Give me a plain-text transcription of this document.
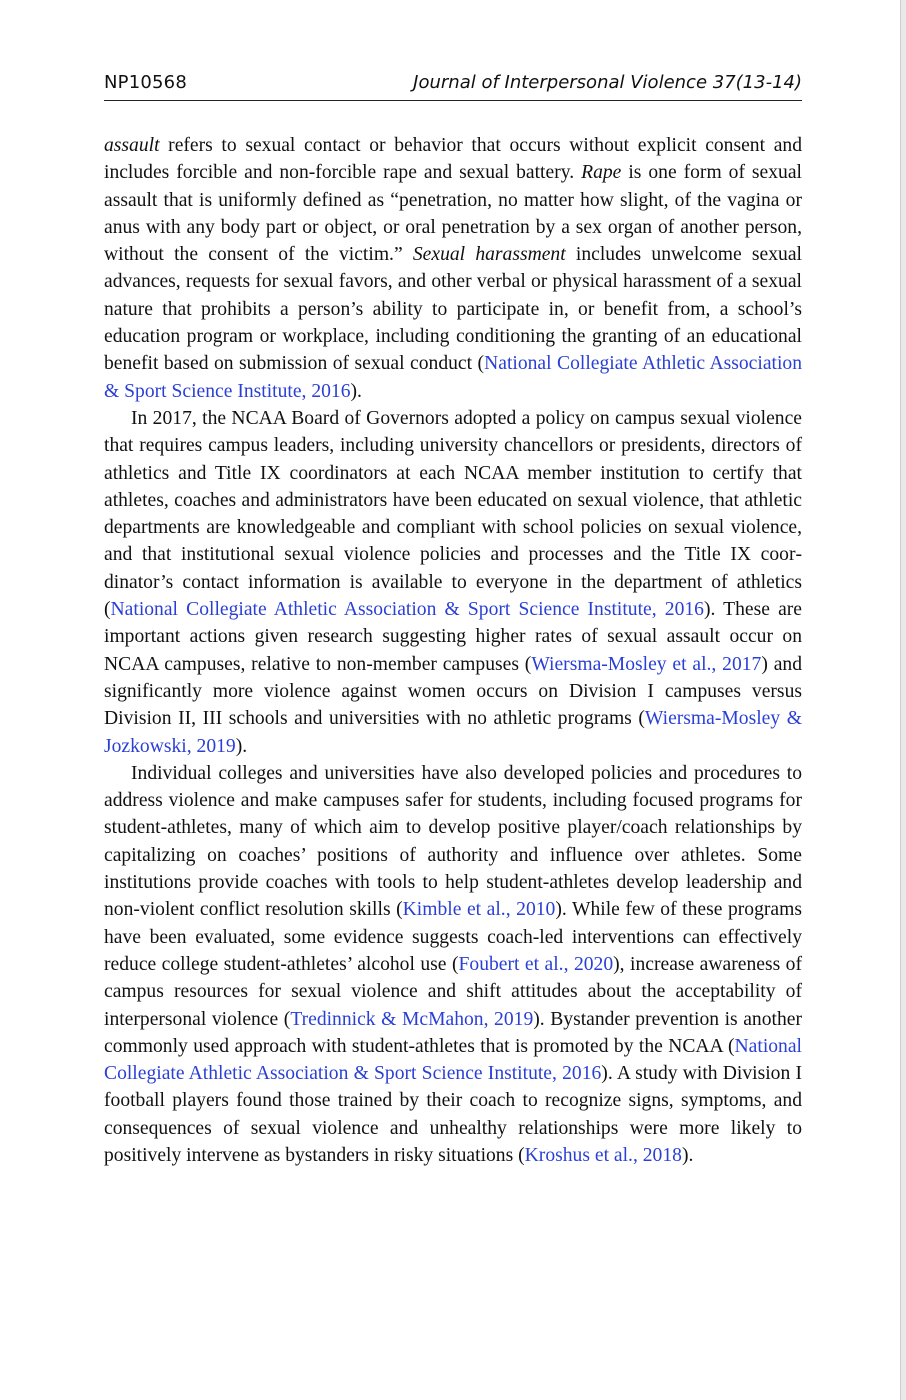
NP10568	Journal of Interpersonal Violence 37(13-14)

assault refers to sexual contact or behavior that occurs without explicit consent and includes forcible and non-forcible rape and sexual battery. Rape is one form of sexual assault that is uniformly defined as “penetration, no matter how slight, of the vagina or anus with any body part or object, or oral penetration by a sex organ of another person, without the consent of the victim.” Sexual harassment includes unwelcome sexual advances, requests for sexual favors, and other verbal or physical harassment of a sexual nature that prohibits a person’s ability to participate in, or benefit from, a school’s education program or workplace, including conditioning the granting of an educational benefit based on submission of sexual conduct (National Collegiate Athletic Association & Sport Science Institute, 2016).

In 2017, the NCAA Board of Governors adopted a policy on campus sexual violence that requires campus leaders, including university chancellors or presidents, directors of athletics and Title IX coordinators at each NCAA member institution to certify that athletes, coaches and administrators have been educated on sexual violence, that athletic departments are knowledgeable and compliant with school policies on sexual violence, and that institutional sexual violence policies and processes and the Title IX coordinator’s contact information is available to everyone in the department of athletics (National Collegiate Athletic Association & Sport Science Institute, 2016). These are important actions given research suggesting higher rates of sexual assault occur on NCAA campuses, relative to non-member campuses (Wiersma-Mosley et al., 2017) and significantly more violence against women occurs on Division I campuses versus Division II, III schools and universities with no athletic programs (Wiersma-Mosley & Jozkowski, 2019).

Individual colleges and universities have also developed policies and procedures to address violence and make campuses safer for students, including focused programs for student-athletes, many of which aim to develop positive player/coach relationships by capitalizing on coaches’ positions of authority and influence over athletes. Some institutions provide coaches with tools to help student-athletes develop leadership and non-violent conflict resolution skills (Kimble et al., 2010). While few of these programs have been evaluated, some evidence suggests coach-led interventions can effectively reduce college student-athletes’ alcohol use (Foubert et al., 2020), increase awareness of campus resources for sexual violence and shift attitudes about the acceptability of interpersonal violence (Tredinnick & McMahon, 2019). Bystander prevention is another commonly used approach with student-athletes that is promoted by the NCAA (National Collegiate Athletic Association & Sport Science Institute, 2016). A study with Division I football players found those trained by their coach to recognize signs, symptoms, and consequences of sexual violence and unhealthy relationships were more likely to positively intervene as bystanders in risky situations (Kroshus et al., 2018).
